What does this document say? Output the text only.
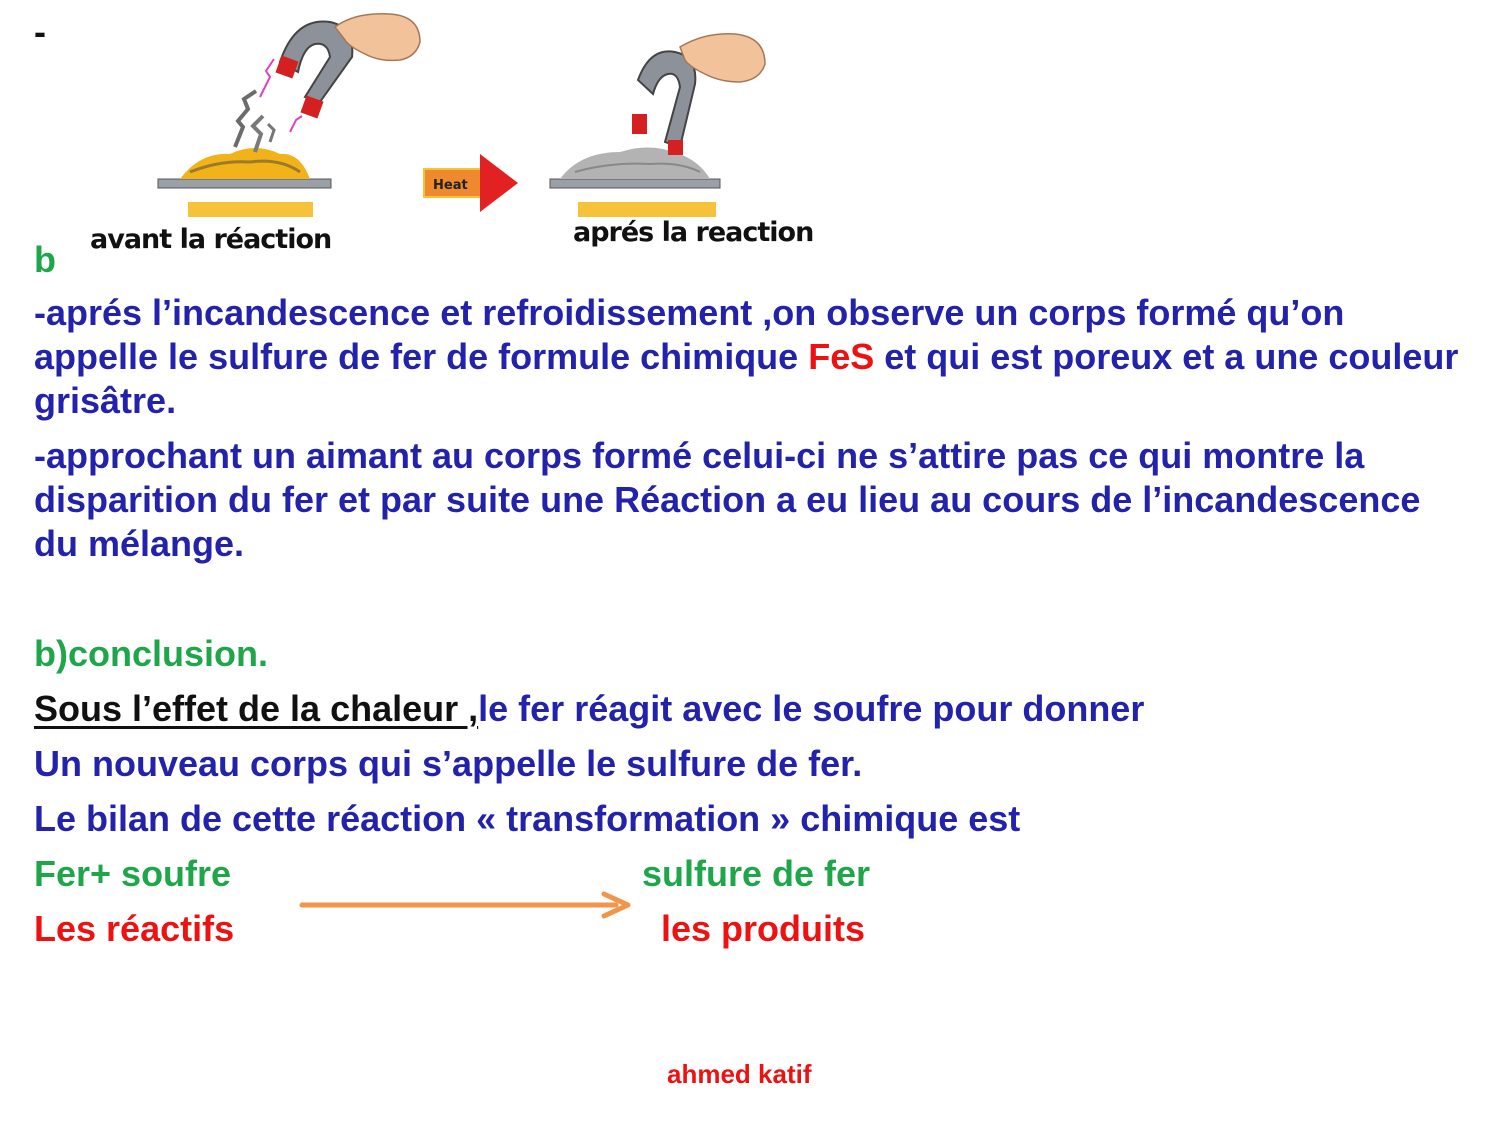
-
Heat
avant la réaction	aprés la reaction
b
-aprés l’incandescence et refroidissement ,on observe un corps formé qu’on appelle le sulfure de fer de formule chimique FeS et qui est poreux et a une couleur grisâtre.
-approchant un aimant au corps formé celui-ci ne s’attire pas ce qui montre la disparition du fer et par suite une Réaction a eu lieu au cours de l’incandescence du mélange.
b)conclusion.
Sous l’effet de la chaleur ,le fer réagit avec le soufre pour donner
Un nouveau corps qui s’appelle le sulfure de fer.
Le bilan de cette réaction « transformation » chimique est
Fer+ soufre	sulfure de fer
Les réactifs	les produits
ahmed katif
